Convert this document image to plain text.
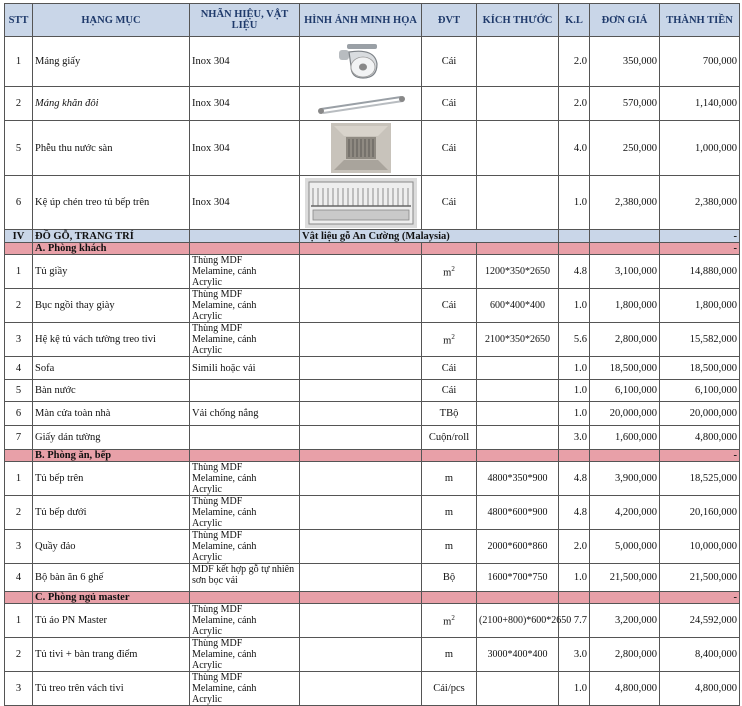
STT	HẠNG MỤC	NHÃN HIỆU, VẬT LIỆU	HÌNH ẢNH MINH HỌA	ĐVT	KÍCH THƯỚC	K.L	ĐƠN GIÁ	THÀNH TIỀN
1	Máng giấy	Inox 304		Cái		2.0	350,000	700,000
2	Máng khăn đôi	Inox 304		Cái		2.0	570,000	1,140,000
5	Phễu thu nước sàn	Inox 304		Cái		4.0	250,000	1,000,000
6	Kệ úp chén treo tủ bếp trên	Inox 304		Cái		1.0	2,380,000	2,380,000
IV	ĐỒ GỖ, TRANG TRÍ		Vật liệu gỗ An Cường (Malaysia)					-
	A. Phòng khách							-
1	Tủ giầy	Thùng MDF
Melamine, cánh
Acrylic		$m^2$	1200*350*2650	4.8	3,100,000	14,880,000
2	Bục ngồi thay giày	Thùng MDF
Melamine, cánh
Acrylic		Cái	600*400*400	1.0	1,800,000	1,800,000
3	Hệ kệ tủ vách tường treo tivi	Thùng MDF
Melamine, cánh
Acrylic		$m^2$	2100*350*2650	5.6	2,800,000	15,582,000
4	Sofa	Simili hoặc vải		Cái		1.0	18,500,000	18,500,000
5	Bàn nước			Cái		1.0	6,100,000	6,100,000
6	Màn cửa toàn nhà	Vải chống nắng		TBộ		1.0	20,000,000	20,000,000
7	Giấy dán tường			Cuộn/roll		3.0	1,600,000	4,800,000
	B. Phòng ăn, bếp							-
1	Tủ bếp trên	Thùng MDF
Melamine, cánh
Acrylic		m	4800*350*900	4.8	3,900,000	18,525,000
2	Tủ bếp dưới	Thùng MDF
Melamine, cánh
Acrylic		m	4800*600*900	4.8	4,200,000	20,160,000
3	Quầy đảo	Thùng MDF
Melamine, cánh
Acrylic		m	2000*600*860	2.0	5,000,000	10,000,000
4	Bộ bàn ăn 6 ghế	MDF kết hợp gỗ tự nhiên sơn bọc vải		Bộ	1600*700*750	1.0	21,500,000	21,500,000
	C. Phòng ngủ master							-
1	Tủ áo PN Master	Thùng MDF
Melamine, cánh
Acrylic		$m^2$	(2100+800)*600*2650	7.7	3,200,000	24,592,000
2	Tủ tivi + bàn trang điểm	Thùng MDF
Melamine, cánh
Acrylic		m	3000*400*400	3.0	2,800,000	8,400,000
3	Tủ treo trên vách tivi	Thùng MDF
Melamine, cánh
Acrylic		Cái/pcs		1.0	4,800,000	4,800,000
